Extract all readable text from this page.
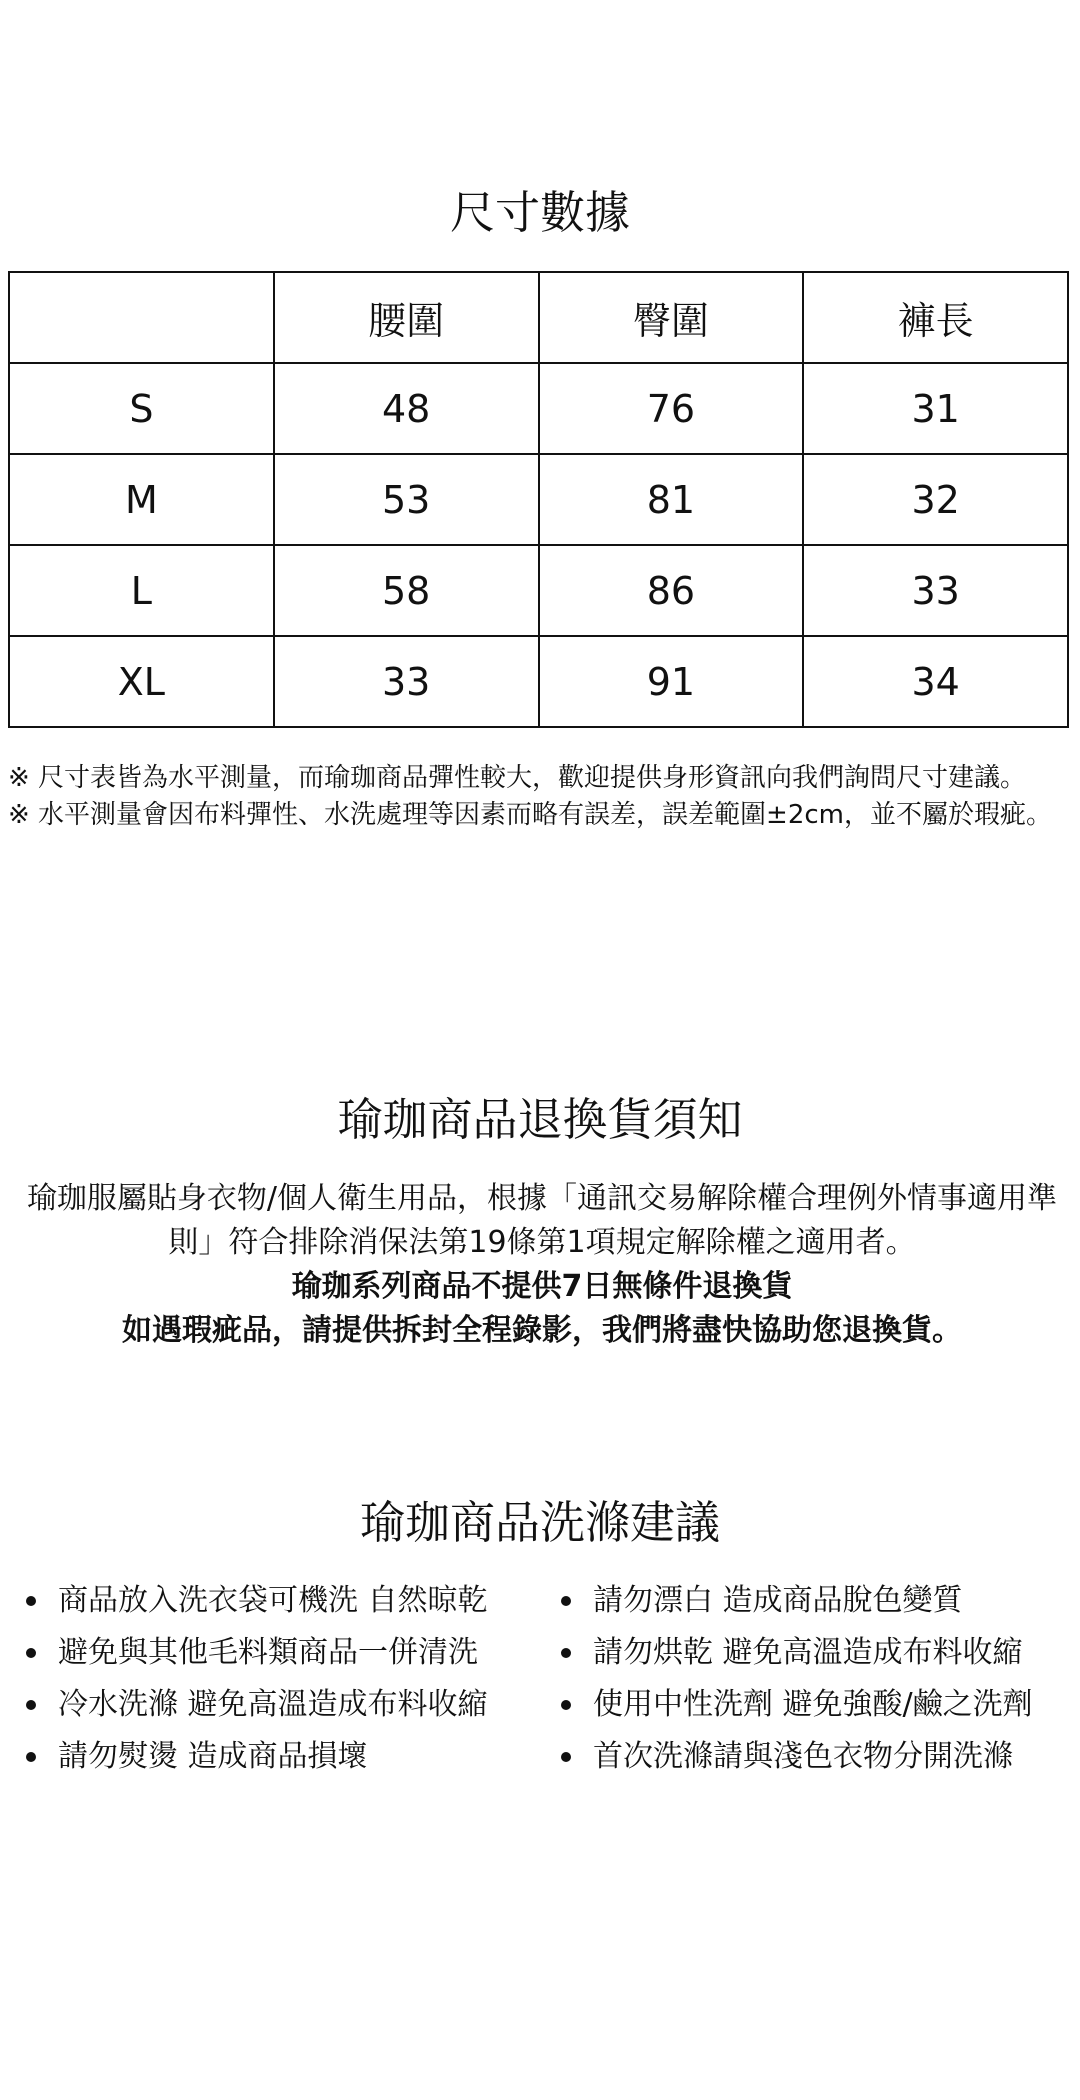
尺寸數據
	腰圍	臀圍	褲長
S	48	76	31
M	53	81	32
L	58	86	33
XL	33	91	34

※ 尺寸表皆為水平測量，而瑜珈商品彈性較大，歡迎提供身形資訊向我們詢問尺寸建議。

※ 水平測量會因布料彈性、水洗處理等因素而略有誤差，誤差範圍±2cm，並不屬於瑕疵。

瑜珈商品退換貨須知

瑜珈服屬貼身衣物/個人衛生用品，根據「通訊交易解除權合理例外情事適用準則」符合排除消保法第19條第1項規定解除權之適用者。

瑜珈系列商品不提供7日無條件退換貨

如遇瑕疵品，請提供拆封全程錄影，我們將盡快協助您退換貨。

瑜珈商品洗滌建議
商品放入洗衣袋可機洗 自然晾乾	請勿漂白 造成商品脫色變質
避免與其他毛料類商品一併清洗	請勿烘乾 避免高溫造成布料收縮
冷水洗滌 避免高溫造成布料收縮	使用中性洗劑 避免強酸/鹼之洗劑
請勿熨燙 造成商品損壞	首次洗滌請與淺色衣物分開洗滌
